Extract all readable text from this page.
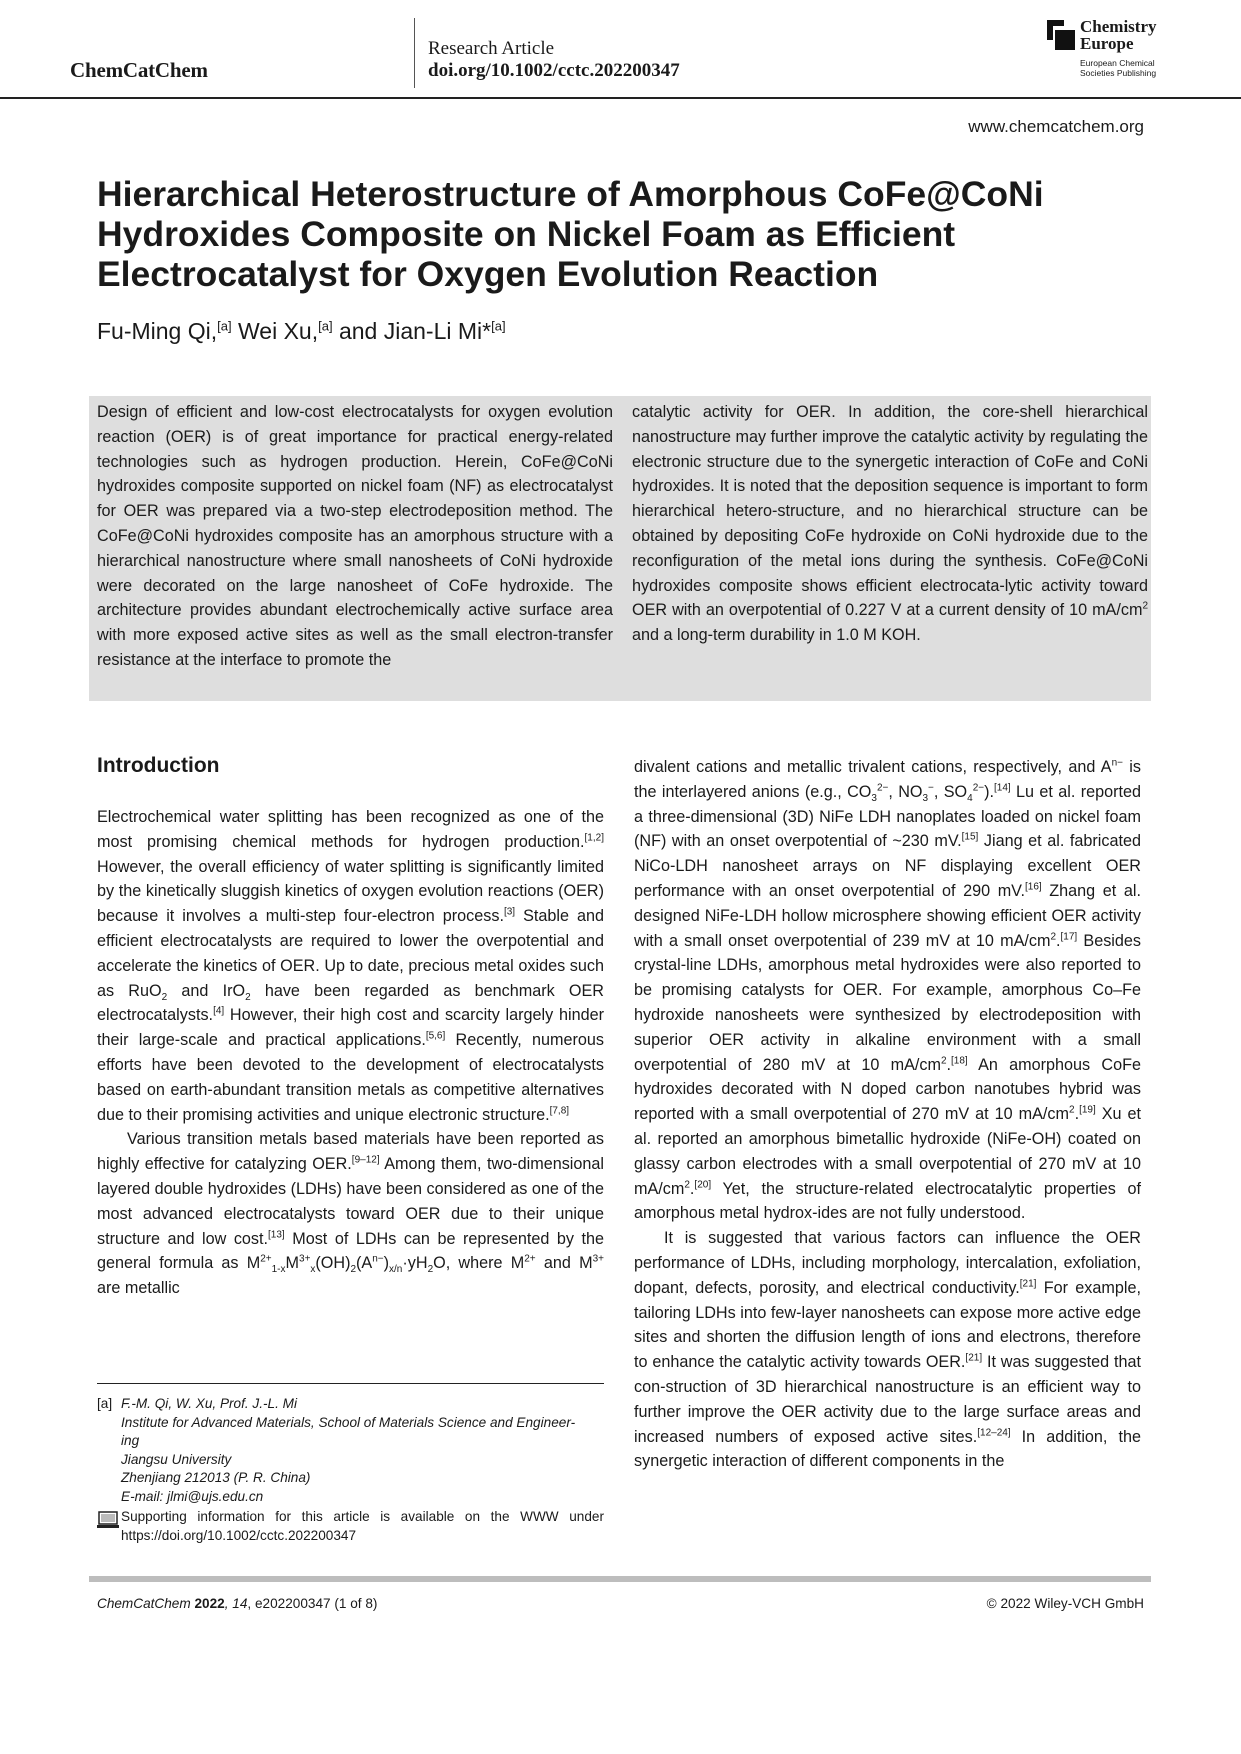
ChemCatChem
Research Article
doi.org/10.1002/cctc.202200347
Chemistry
Europe
European Chemical
Societies Publishing
www.chemcatchem.org
Hierarchical Heterostructure of Amorphous CoFe@CoNi Hydroxides Composite on Nickel Foam as Efficient Electrocatalyst for Oxygen Evolution Reaction
Fu-Ming Qi,[a] Wei Xu,[a] and Jian-Li Mi*[a]
Design of efficient and low-cost electrocatalysts for oxygen evolution reaction (OER) is of great importance for practical energy-related technologies such as hydrogen production. Herein, CoFe@CoNi hydroxides composite supported on nickel foam (NF) as electrocatalyst for OER was prepared via a two-step electrodeposition method. The CoFe@CoNi hydroxides composite has an amorphous structure with a hierarchical nanostructure where small nanosheets of CoNi hydroxide were decorated on the large nanosheet of CoFe hydroxide. The architecture provides abundant electrochemically active surface area with more exposed active sites as well as the small electron-transfer resistance at the interface to promote the
catalytic activity for OER. In addition, the core-shell hierarchical nanostructure may further improve the catalytic activity by regulating the electronic structure due to the synergetic interaction of CoFe and CoNi hydroxides. It is noted that the deposition sequence is important to form hierarchical hetero-structure, and no hierarchical structure can be obtained by depositing CoFe hydroxide on CoNi hydroxide due to the reconfiguration of the metal ions during the synthesis. CoFe@CoNi hydroxides composite shows efficient electrocata-lytic activity toward OER with an overpotential of 0.227 V at a current density of 10 $mA/cm^2$ and a long-term durability in 1.0 M KOH.
Introduction

Electrochemical water splitting has been recognized as one of the most promising chemical methods for hydrogen production.[1,2] However, the overall efficiency of water splitting is significantly limited by the kinetically sluggish kinetics of oxygen evolution reactions (OER) because it involves a multi-step four-electron process.[3] Stable and efficient electrocatalysts are required to lower the overpotential and accelerate the kinetics of OER. Up to date, precious metal oxides such as RuO$_2$ and IrO$_2$ have been regarded as benchmark OER electrocatalysts.[4] However, their high cost and scarcity largely hinder their large-scale and practical applications.[5,6] Recently, numerous efforts have been devoted to the development of electrocatalysts based on earth-abundant transition metals as competitive alternatives due to their promising activities and unique electronic structure.[7,8]

Various transition metals based materials have been reported as highly effective for catalyzing OER.[9–12] Among them, two-dimensional layered double hydroxides (LDHs) have been considered as one of the most advanced electrocatalysts toward OER due to their unique structure and low cost.[13] Most of LDHs can be represented by the general formula as $M^{2+}_{1-x}M^{3+}_x(OH)_2(A^{n-})_{x/n}\cdot yH_2O$, where $M^{2+}$ and $M^{3+}$ are metallic

divalent cations and metallic trivalent cations, respectively, and $A^{n-}$ is the interlayered anions (e.g., $CO_3^{2-}$, $NO_3^-$, $SO_4^{2-}).[14]$ Lu et al. reported a three-dimensional (3D) NiFe LDH nanoplates loaded on nickel foam (NF) with an onset overpotential of ~230 mV.[15] Jiang et al. fabricated NiCo-LDH nanosheet arrays on NF displaying excellent OER performance with an onset overpotential of 290 mV.[16] Zhang et al. designed NiFe-LDH hollow microsphere showing efficient OER activity with a small onset overpotential of 239 mV at 10 $mA/cm^2.[17]$ Besides crystal-line LDHs, amorphous metal hydroxides were also reported to be promising catalysts for OER. For example, amorphous Co–Fe hydroxide nanosheets were synthesized by electrodeposition with superior OER activity in alkaline environment with a small overpotential of 280 mV at 10 $mA/cm^2.[18]$ An amorphous CoFe hydroxides decorated with N doped carbon nanotubes hybrid was reported with a small overpotential of 270 mV at 10 $mA/cm^2.[19]$ Xu et al. reported an amorphous bimetallic hydroxide (NiFe-OH) coated on glassy carbon electrodes with a small overpotential of 270 mV at 10 $mA/cm^2.[20]$ Yet, the structure-related electrocatalytic properties of amorphous metal hydrox-ides are not fully understood.

It is suggested that various factors can influence the OER performance of LDHs, including morphology, intercalation, exfoliation, dopant, defects, porosity, and electrical conductivity.[21] For example, tailoring LDHs into few-layer nanosheets can expose more active edge sites and shorten the diffusion length of ions and electrons, therefore to enhance the catalytic activity towards OER.[21] It was suggested that con-struction of 3D hierarchical nanostructure is an efficient way to further improve the OER activity due to the large surface areas and increased numbers of exposed active sites.[12–24] In addition, the synergetic interaction of different components in the

[a] F.-M. Qi, W. Xu, Prof. J.-L. Mi
Institute for Advanced Materials, School of Materials Science and Engineer-
ing
Jiangsu University
Zhenjiang 212013 (P. R. China)
E-mail: jlmi@ujs.edu.cn
Supporting information for this article is available on the WWW under https://doi.org/10.1002/cctc.202200347
ChemCatChem 2022, 14, e202200347 (1 of 8)	© 2022 Wiley-VCH GmbH
